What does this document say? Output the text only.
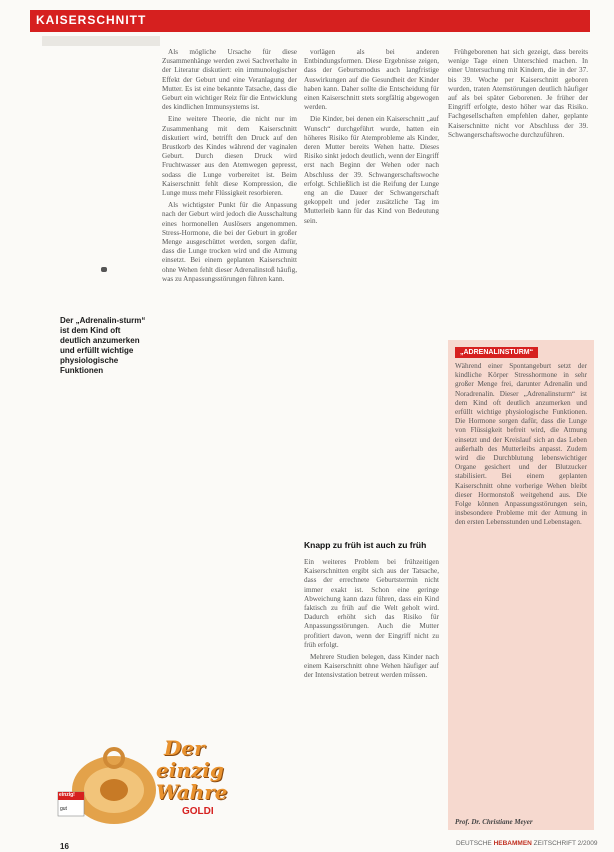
KAISERSCHNITT
Der „Adrenalin-sturm“ ist dem Kind oft deutlich anzumerken und erfüllt wichtige physiologische Funktionen

Als mögliche Ursache für diese Zusammenhänge werden zwei Sachverhalte in der Literatur diskutiert: ein immunologischer Effekt der Geburt und eine Veranlagung der Mutter. Es ist eine bekannte Tatsache, dass die Geburt ein wichtiger Reiz für die Entwicklung des kindlichen Immunsystems ist.

Eine weitere Theorie, die nicht nur im Zusammenhang mit dem Kaiserschnitt diskutiert wird, betrifft den Druck auf den Brustkorb des Kindes während der vaginalen Geburt. Durch diesen Druck wird Fruchtwasser aus den Atemwegen gepresst, sodass die Lunge vorbereitet ist. Beim Kaiserschnitt fehlt diese Kompression, die Lunge muss mehr Flüssigkeit resorbieren.

Als wichtigster Punkt für die Anpassung nach der Geburt wird jedoch die Ausschaltung eines hormonellen Auslösers angenommen. Stress-Hormone, die bei der Geburt in großer Menge ausgeschüttet werden, sorgen dafür, dass die Lunge trocken wird und die Atmung einsetzt. Bei einem geplanten Kaiserschnitt ohne Wehen fehlt dieser Adrenalinstoß häufig, was zu Anpassungsstörungen führen kann.

vorlägen als bei anderen Entbindungsformen. Diese Ergebnisse zeigen, dass der Geburtsmodus auch langfristige Auswirkungen auf die Gesundheit der Kinder haben kann. Daher sollte die Entscheidung für einen Kaiserschnitt stets sorgfältig abgewogen werden.

Die Kinder, bei denen ein Kaiserschnitt „auf Wunsch“ durchgeführt wurde, hatten ein höheres Risiko für Atemprobleme als Kinder, deren Mutter bereits Wehen hatte. Dieses Risiko sinkt jedoch deutlich, wenn der Eingriff erst nach Beginn der Wehen oder nach Abschluss der 39. Schwangerschaftswoche erfolgt. Schließlich ist die Reifung der Lunge eng an die Dauer der Schwangerschaft gekoppelt und jeder zusätzliche Tag im Mutterleib kann für das Kind von Bedeutung sein.

Knapp zu früh ist auch zu früh

Ein weiteres Problem bei frühzeitigen Kaiserschnitten ergibt sich aus der Tatsache, dass der errechnete Geburtstermin nicht immer exakt ist. Schon eine geringe Abweichung kann dazu führen, dass ein Kind faktisch zu früh auf die Welt geholt wird. Dadurch erhöht sich das Risiko für Anpassungsstörungen. Auch die Mutter profitiert davon, wenn der Eingriff nicht zu früh erfolgt.

Mehrere Studien belegen, dass Kinder nach einem Kaiserschnitt ohne Wehen häufiger auf der Intensivstation betreut werden müssen.

Frühgeborenen hat sich gezeigt, dass bereits wenige Tage einen Unterschied machen. In einer Untersuchung mit Kindern, die in der 37. bis 39. Woche per Kaiserschnitt geboren wurden, traten Atemstörungen deutlich häufiger auf als bei später Geborenen. Je früher der Eingriff erfolgte, desto höher war das Risiko. Fachgesellschaften empfehlen daher, geplante Kaiserschnitte nicht vor Abschluss der 39. Schwangerschaftswoche durchzuführen.

„ADRENALINSTURM“
Während einer Spontangeburt setzt der kindliche Körper Stresshormone in sehr großer Menge frei, darunter Adrenalin und Noradrenalin. Dieser „Adrenalinsturm“ ist dem Kind oft deutlich anzumerken und erfüllt wichtige physiologische Funktionen. Die Hormone sorgen dafür, dass die Lunge von Flüssigkeit befreit wird, die Atmung einsetzt und der Kreislauf sich an das Leben außerhalb des Mutterleibs anpasst. Zudem wird die Durchblutung lebenswichtiger Organe gesichert und der Blutzucker stabilisiert. Bei einem geplanten Kaiserschnitt ohne vorherige Wehen bleibt dieser Hormonstoß weitgehend aus. Die Folge können Anpassungsstörungen sein, insbesondere Probleme mit der Atmung in den ersten Lebensstunden und Lebenstagen.
Prof. Dr. Christiane Meyer
einzig!
gut
Der
einzig
Wahre
GOLDI
16	DEUTSCHE HEBAMMEN ZEITSCHRIFT 2/2009
